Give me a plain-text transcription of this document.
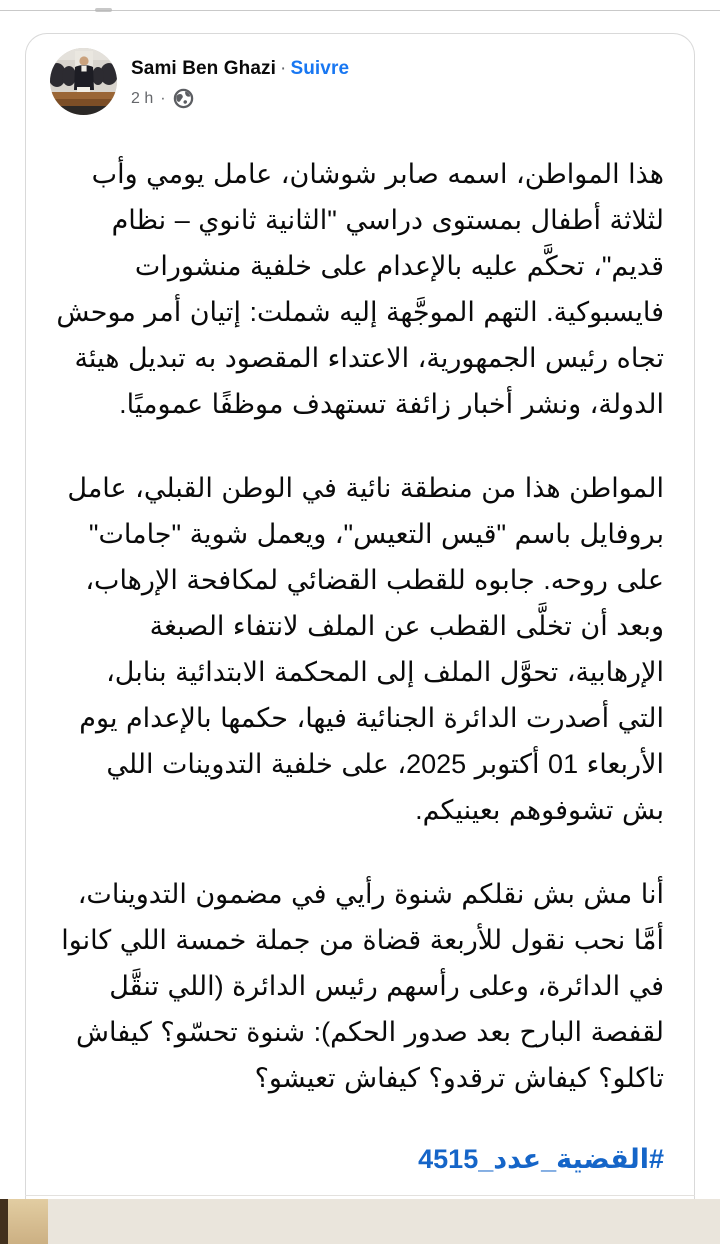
Sami Ben Ghazi · Suivre
2 h ·

هذا المواطن، اسمه صابر شوشان، عامل يومي وأب لثلاثة أطفال بمستوى دراسي "الثانية ثانوي – نظام قديم"، تحكَّم عليه بالإعدام على خلفية منشورات فايسبوكية. التهم الموجَّهة إليه شملت: إتيان أمر موحش تجاه رئيس الجمهورية، الاعتداء المقصود به تبديل هيئة الدولة، ونشر أخبار زائفة تستهدف موظفًا عموميًا.

المواطن هذا من منطقة نائية في الوطن القبلي، عامل بروفايل باسم "قيس التعيس"، ويعمل شوية "جامات" على روحه. جابوه للقطب القضائي لمكافحة الإرهاب، وبعد أن تخلَّى القطب عن الملف لانتفاء الصبغة الإرهابية، تحوَّل الملف إلى المحكمة الابتدائية بنابل، التي أصدرت الدائرة الجنائية فيها، حكمها بالإعدام يوم الأربعاء 01 أكتوبر 2025، على خلفية التدوينات اللي بش تشوفوهم بعينيكم.

أنا مش بش نقلكم شنوة رأيي في مضمون التدوينات، أمَّا نحب نقول للأربعة قضاة من جملة خمسة اللي كانوا في الدائرة، وعلى رأسهم رئيس الدائرة (اللي تنقَّل لقفصة البارح بعد صدور الحكم): شنوة تحسّو؟ كيفاش تاكلو؟ كيفاش ترقدو؟ كيفاش تعيشو؟

#القضية_عدد_4515
